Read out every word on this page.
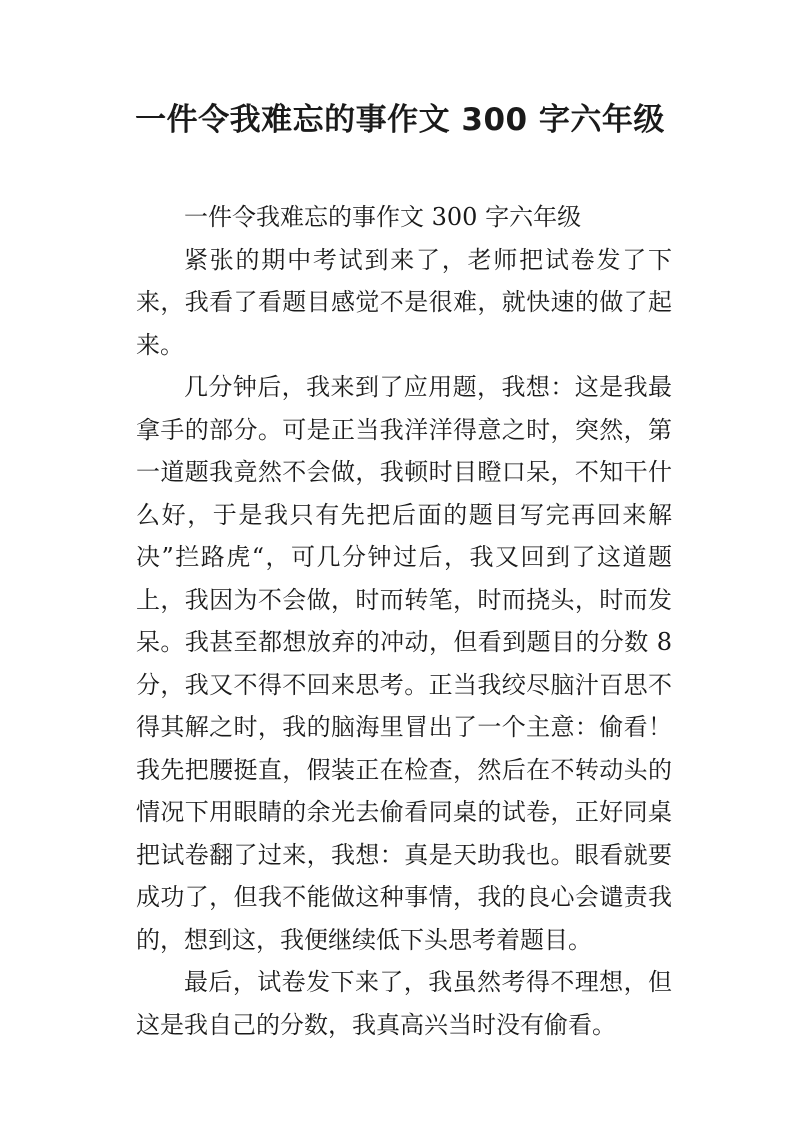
一件令我难忘的事作文 300 字六年级

一件令我难忘的事作文 300 字六年级

紧张的期中考试到来了，老师把试卷发了下来，我看了看题目感觉不是很难，就快速的做了起来。

几分钟后，我来到了应用题，我想：这是我最拿手的部分。可是正当我洋洋得意之时，突然，第一道题我竟然不会做，我顿时目瞪口呆，不知干什么好，于是我只有先把后面的题目写完再回来解决”拦路虎“，可几分钟过后，我又回到了这道题上，我因为不会做，时而转笔，时而挠头，时而发呆。我甚至都想放弃的冲动，但看到题目的分数 8 分，我又不得不回来思考。正当我绞尽脑汁百思不得其解之时，我的脑海里冒出了一个主意：偷看！我先把腰挺直，假装正在检查，然后在不转动头的情况下用眼睛的余光去偷看同桌的试卷，正好同桌把试卷翻了过来，我想：真是天助我也。眼看就要成功了，但我不能做这种事情，我的良心会谴责我的，想到这，我便继续低下头思考着题目。

最后，试卷发下来了，我虽然考得不理想，但这是我自己的分数，我真高兴当时没有偷看。
